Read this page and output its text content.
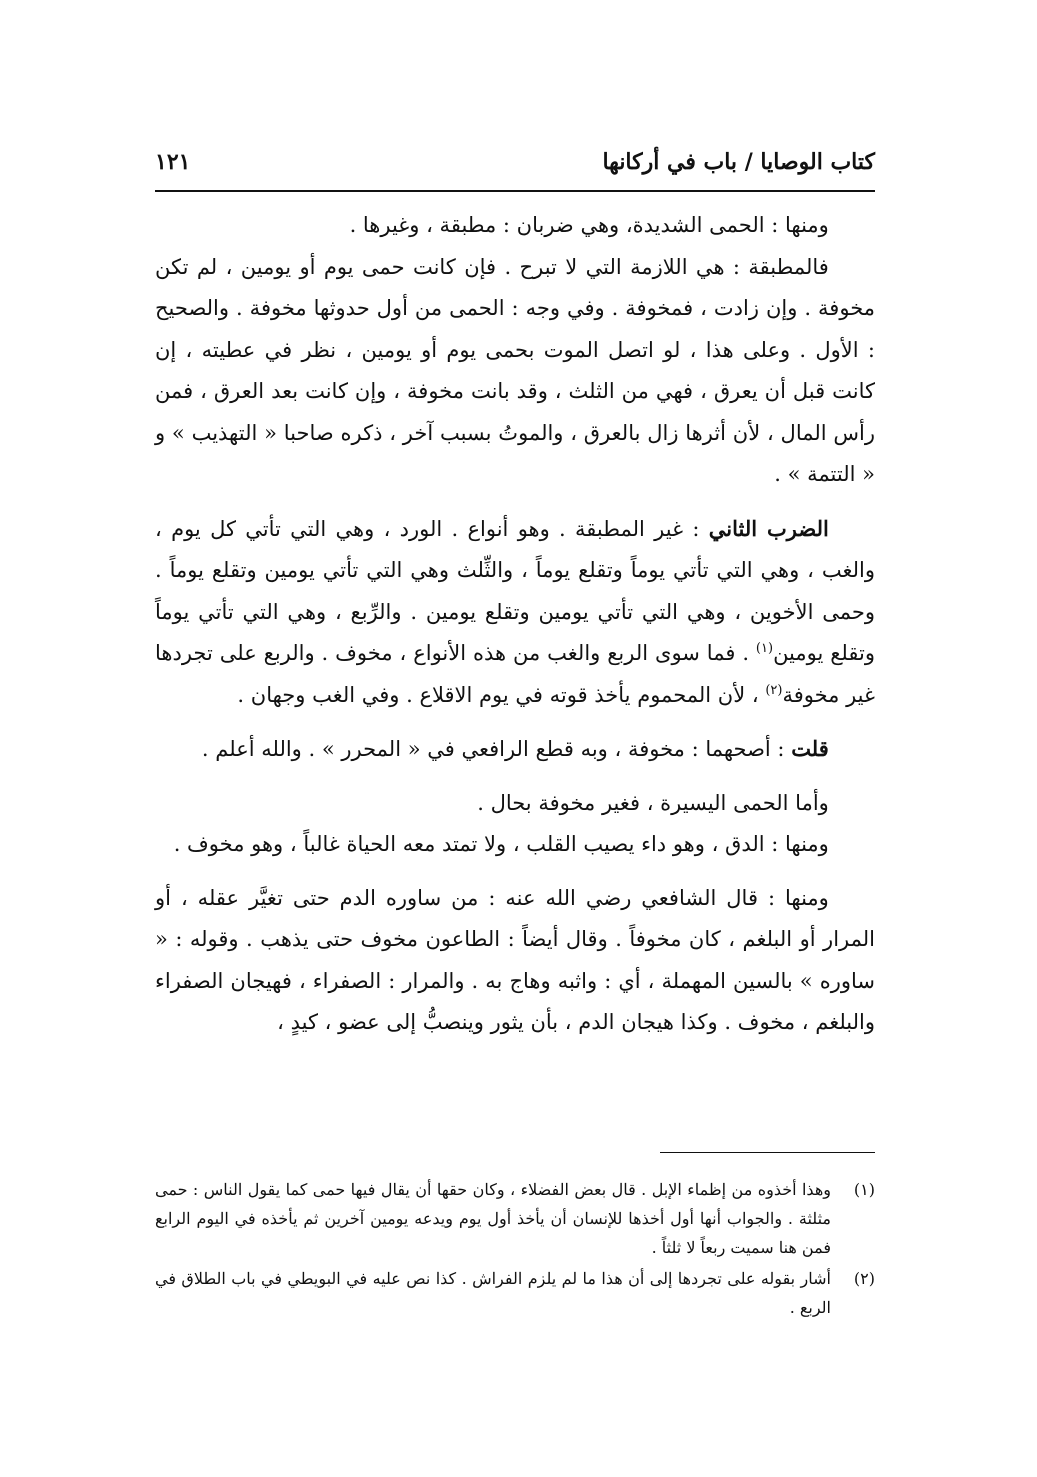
كتاب الوصايا / باب في أركانها
١٢١

ومنها : الحمى الشديدة، وهي ضربان : مطبقة ، وغيرها .

فالمطبقة : هي اللازمة التي لا تبرح . فإن كانت حمى يوم أو يومين ، لم تكن مخوفة . وإن زادت ، فمخوفة . وفي وجه : الحمى من أول حدوثها مخوفة . والصحيح : الأول . وعلى هذا ، لو اتصل الموت بحمى يوم أو يومين ، نظر في عطيته ، إن كانت قبل أن يعرق ، فهي من الثلث ، وقد بانت مخوفة ، وإن كانت بعد العرق ، فمن رأس المال ، لأن أثرها زال بالعرق ، والموتُ بسبب آخر ، ذكره صاحبا « التهذيب » و « التتمة » .

الضرب الثاني : غير المطبقة . وهو أنواع . الورد ، وهي التي تأتي كل يوم ، والغب ، وهي التي تأتي يوماً وتقلع يوماً ، والثِّلث وهي التي تأتي يومين وتقلع يوماً . وحمى الأخوين ، وهي التي تأتي يومين وتقلع يومين . والرِّبع ، وهي التي تأتي يوماً وتقلع يومين$^{(١)}$ . فما سوى الربع والغب من هذه الأنواع ، مخوف . والربع على تجردها غير مخوفة$^{(٢)}$ ، لأن المحموم يأخذ قوته في يوم الاقلاع . وفي الغب وجهان .

قلت : أصحهما : مخوفة ، وبه قطع الرافعي في « المحرر » . والله أعلم .

وأما الحمى اليسيرة ، فغير مخوفة بحال .

ومنها : الدق ، وهو داء يصيب القلب ، ولا تمتد معه الحياة غالباً ، وهو مخوف .

ومنها : قال الشافعي رضي الله عنه : من ساوره الدم حتى تغيَّر عقله ، أو المرار أو البلغم ، كان مخوفاً . وقال أيضاً : الطاعون مخوف حتى يذهب . وقوله : « ساوره » بالسين المهملة ، أي : واثبه وهاج به . والمرار : الصفراء ، فهيجان الصفراء والبلغم ، مخوف . وكذا هيجان الدم ، بأن يثور وينصبُّ إلى عضو ، كيدٍ ،

(١)
وهذا أخذوه من إظماء الإبل . قال بعض الفضلاء ، وكان حقها أن يقال فيها حمى كما يقول الناس : حمى مثلثة . والجواب أنها أول أخذها للإنسان أن يأخذ أول يوم ويدعه يومين آخرين ثم يأخذه في اليوم الرابع فمن هنا سميت ربعاً لا ثلثاً .

(٢)
أشار بقوله على تجردها إلى أن هذا ما لم يلزم الفراش . كذا نص عليه في البويطي في باب الطلاق في الربع .
